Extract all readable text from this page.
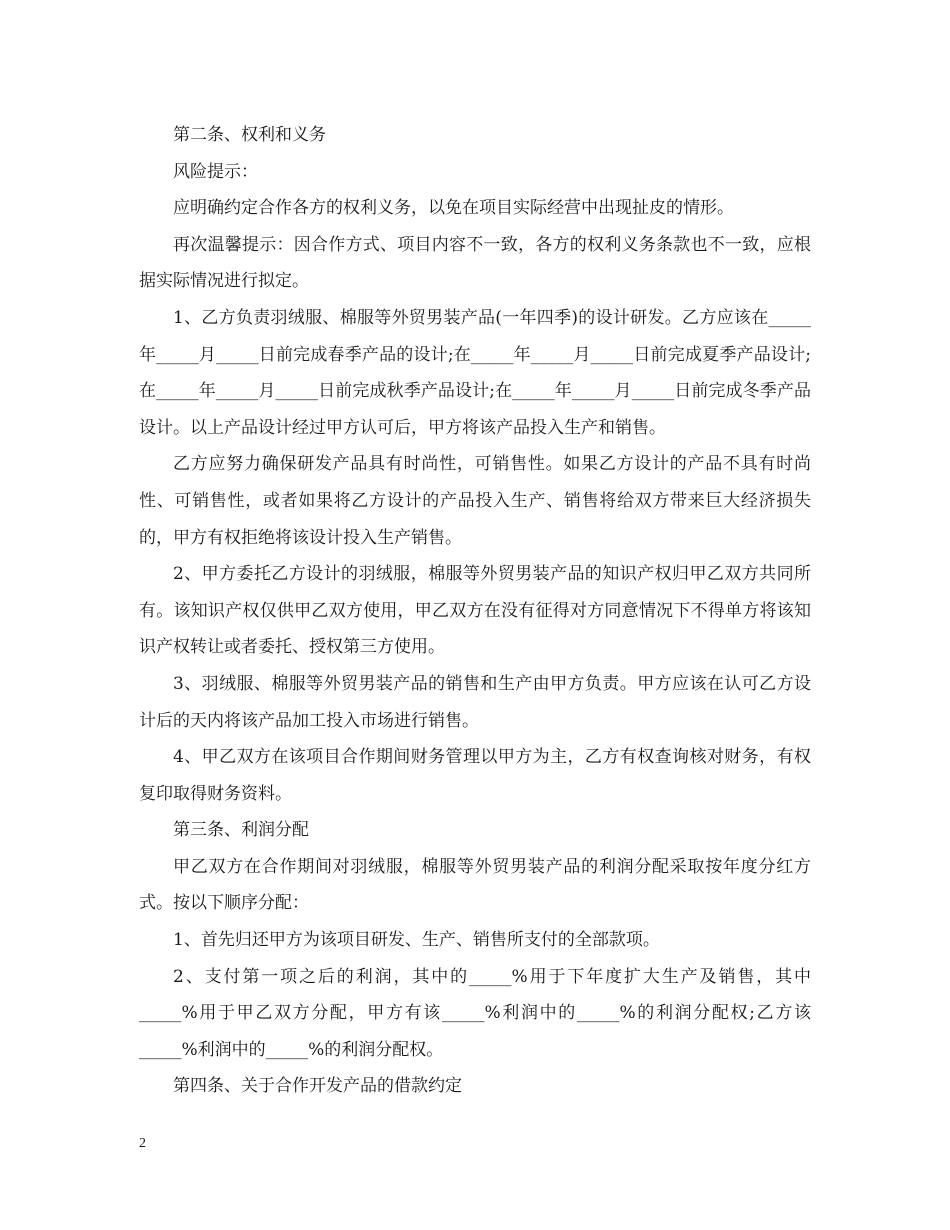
第二条、权利和义务

风险提示：

应明确约定合作各方的权利义务，以免在项目实际经营中出现扯皮的情形。

再次温馨提示：因合作方式、项目内容不一致，各方的权利义务条款也不一致，应根据实际情况进行拟定。

1、乙方负责羽绒服、棉服等外贸男装产品(一年四季)的设计研发。乙方应该在_____年_____月_____日前完成春季产品的设计;在_____年_____月_____日前完成夏季产品设计;在_____年_____月_____日前完成秋季产品设计;在_____年_____月_____日前完成冬季产品设计。以上产品设计经过甲方认可后，甲方将该产品投入生产和销售。

乙方应努力确保研发产品具有时尚性，可销售性。如果乙方设计的产品不具有时尚性、可销售性，或者如果将乙方设计的产品投入生产、销售将给双方带来巨大经济损失的，甲方有权拒绝将该设计投入生产销售。

2、甲方委托乙方设计的羽绒服，棉服等外贸男装产品的知识产权归甲乙双方共同所有。该知识产权仅供甲乙双方使用，甲乙双方在没有征得对方同意情况下不得单方将该知识产权转让或者委托、授权第三方使用。

3、羽绒服、棉服等外贸男装产品的销售和生产由甲方负责。甲方应该在认可乙方设计后的天内将该产品加工投入市场进行销售。

4、甲乙双方在该项目合作期间财务管理以甲方为主，乙方有权查询核对财务，有权复印取得财务资料。

第三条、利润分配

甲乙双方在合作期间对羽绒服，棉服等外贸男装产品的利润分配采取按年度分红方式。按以下顺序分配：

1、首先归还甲方为该项目研发、生产、销售所支付的全部款项。

2、支付第一项之后的利润，其中的_____%用于下年度扩大生产及销售，其中_____%用于甲乙双方分配，甲方有该_____%利润中的_____%的利润分配权;乙方该_____%利润中的_____%的利润分配权。

第四条、关于合作开发产品的借款约定

2
